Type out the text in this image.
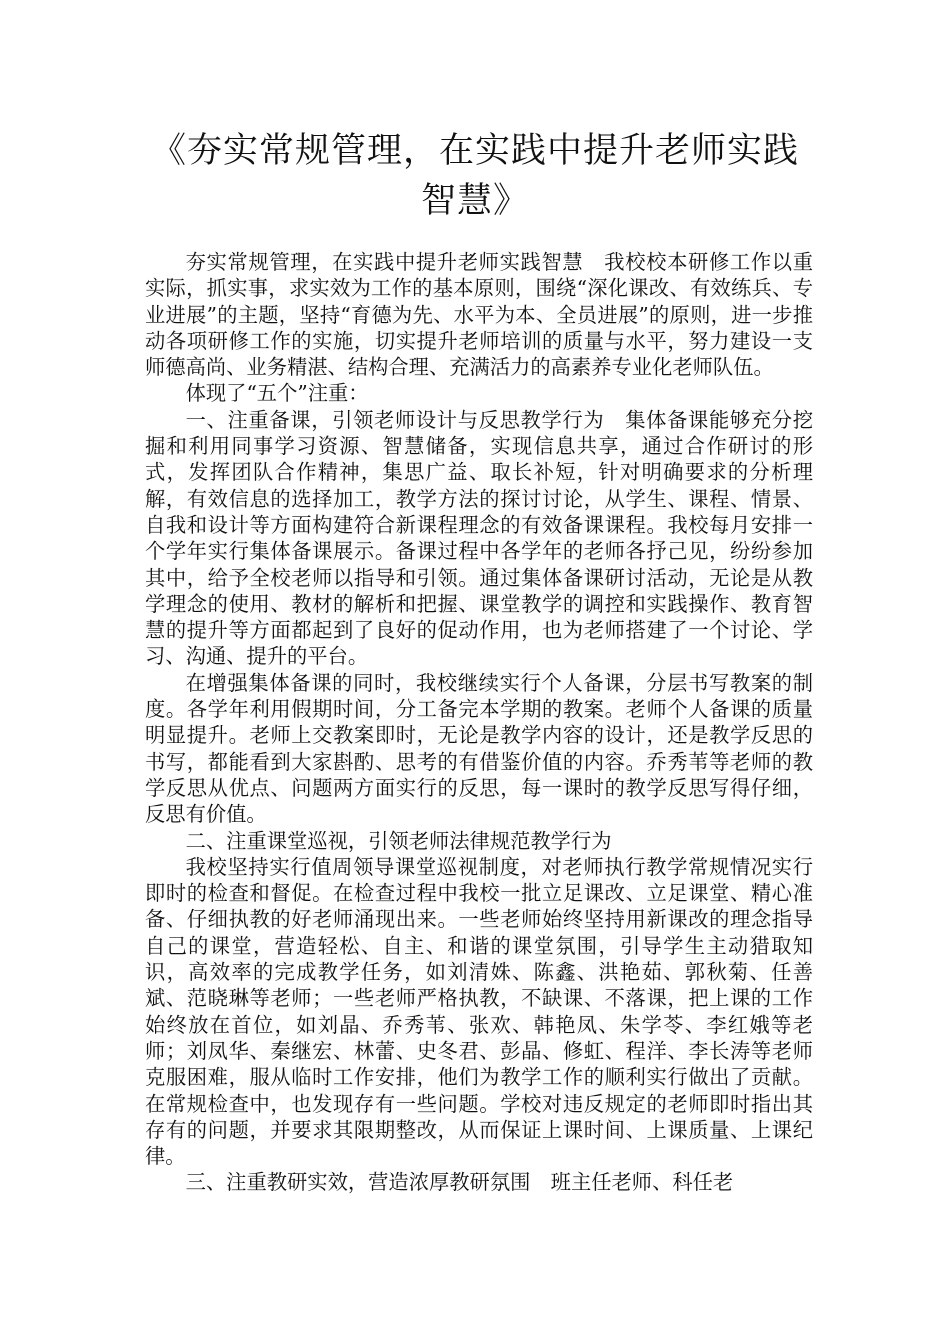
《夯实常规管理，在实践中提升老师实践
智慧》

夯实常规管理，在实践中提升老师实践智慧　我校校本研修工作以重实际，抓实事，求实效为工作的基本原则，围绕“深化课改、有效练兵、专业进展”的主题，坚持“育德为先、水平为本、全员进展”的原则，进一步推动各项研修工作的实施，切实提升老师培训的质量与水平，努力建设一支师德高尚、业务精湛、结构合理、充满活力的高素养专业化老师队伍。

体现了“五个”注重：

一、注重备课，引领老师设计与反思教学行为　集体备课能够充分挖掘和利用同事学习资源、智慧储备，实现信息共享，通过合作研讨的形式，发挥团队合作精神，集思广益、取长补短，针对明确要求的分析理解，有效信息的选择加工，教学方法的探讨讨论，从学生、课程、情景、自我和设计等方面构建符合新课程理念的有效备课课程。我校每月安排一个学年实行集体备课展示。备课过程中各学年的老师各抒己见，纷纷参加其中，给予全校老师以指导和引领。通过集体备课研讨活动，无论是从教学理念的使用、教材的解析和把握、课堂教学的调控和实践操作、教育智慧的提升等方面都起到了良好的促动作用，也为老师搭建了一个讨论、学习、沟通、提升的平台。

在增强集体备课的同时，我校继续实行个人备课，分层书写教案的制度。各学年利用假期时间，分工备完本学期的教案。老师个人备课的质量明显提升。老师上交教案即时，无论是教学内容的设计，还是教学反思的书写，都能看到大家斟酌、思考的有借鉴价值的内容。乔秀苇等老师的教学反思从优点、问题两方面实行的反思，每一课时的教学反思写得仔细，反思有价值。

二、注重课堂巡视，引领老师法律规范教学行为

我校坚持实行值周领导课堂巡视制度，对老师执行教学常规情况实行即时的检查和督促。在检查过程中我校一批立足课改、立足课堂、精心准备、仔细执教的好老师涌现出来。一些老师始终坚持用新课改的理念指导自己的课堂，营造轻松、自主、和谐的课堂氛围，引导学生主动猎取知识，高效率的完成教学任务，如刘清姝、陈鑫、洪艳茹、郭秋菊、任善斌、范晓琳等老师；一些老师严格执教，不缺课、不落课，把上课的工作始终放在首位，如刘晶、乔秀苇、张欢、韩艳凤、朱学苓、李红娥等老师；刘凤华、秦继宏、林蕾、史冬君、彭晶、修虹、程洋、李长涛等老师克服困难，服从临时工作安排，他们为教学工作的顺利实行做出了贡献。在常规检查中，也发现存有一些问题。学校对违反规定的老师即时指出其存有的问题，并要求其限期整改，从而保证上课时间、上课质量、上课纪律。

三、注重教研实效，营造浓厚教研氛围　班主任老师、科任老
